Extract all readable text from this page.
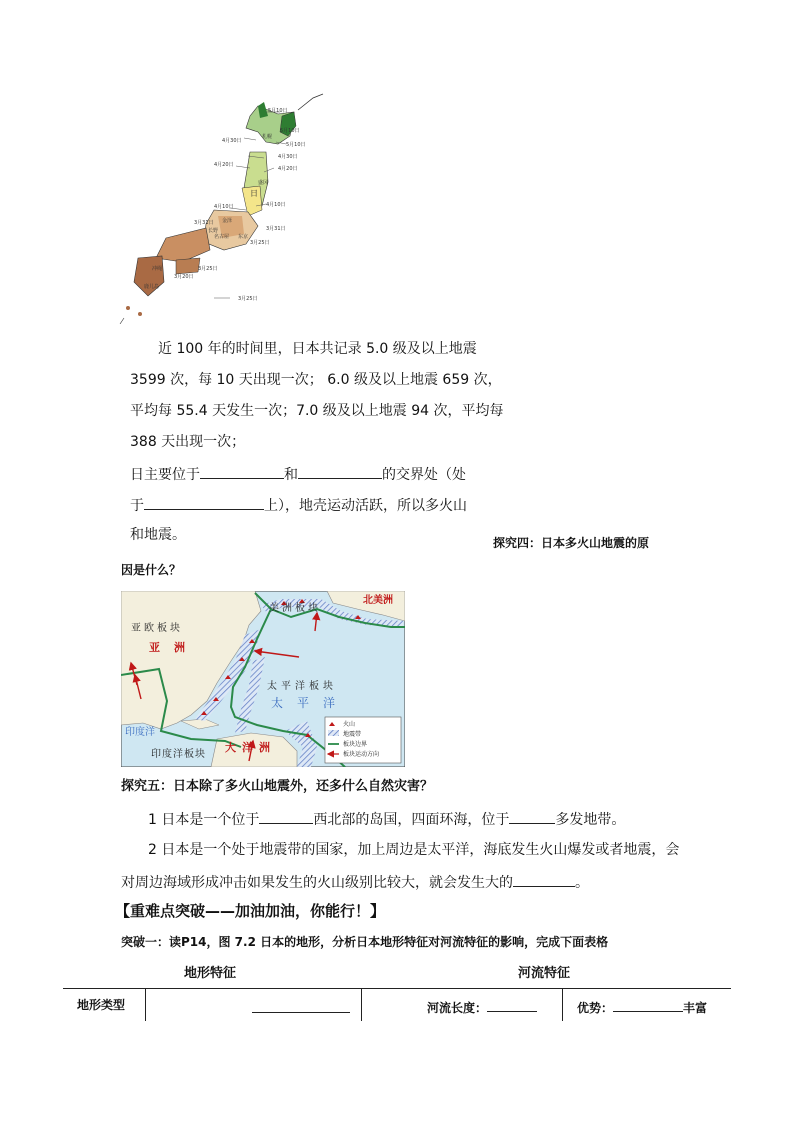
5月10日
5月10日
4月30日
札幌
4月30日
5月10日
4月20日
4月20日
盛冈
日
4月10日	4月10日
3月31日
3月31日
金泽
东京
长野
名古屋
3月25日
冲绳
3月20日
3月25日
鹿儿岛
3月25日
近 100 年的时间里，日本共记录 5.0 级及以上地震
3599 次，每 10 天出现一次； 6.0 级及以上地震 659 次，
平均每 55.4 天发生一次；7.0 级及以上地震 94 次，平均每
388 天出现一次；
日主要位于	和	的交界处（处
于	上），地壳运动活跃，所以多火山
和地震。	探究四：日本多火山地震的原
因是什么？
美洲板块
北美洲
亚欧板块
亚洲
太平洋板块
太平洋
印度洋
印度洋板块
大洋洲
火山
地震带
板块边界
板块运动方向
探究五：日本除了多火山地震外，还多什么自然灾害？
1 日本是一个位于	西北部的岛国，四面环海，位于	多发地带。
2 日本是一个处于地震带的国家，加上周边是太平洋，海底发生火山爆发或者地震，会
对周边海域形成冲击如果发生的火山级别比较大，就会发生大的	。
【重难点突破——加油加油，你能行！】
突破一：读P14，图 7.2 日本的地形，分析日本地形特征对河流特征的影响，完成下面表格
地形特征	河流特征
地形类型	河流长度：	优势：	丰富
